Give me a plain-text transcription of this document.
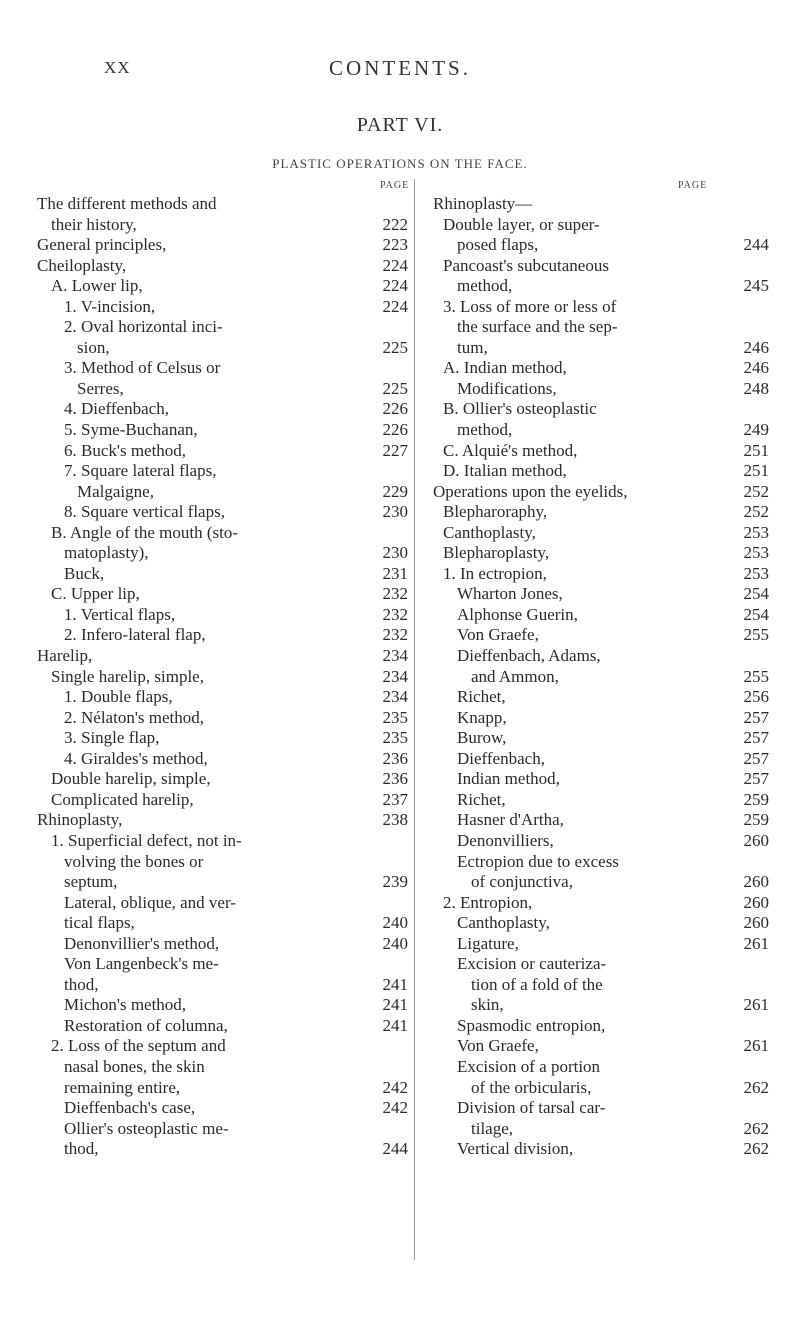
XX	CONTENTS.
PART VI.
PLASTIC OPERATIONS ON THE FACE.
PAGE	PAGE
The different methods and
their history,	222
General principles,	223
Cheiloplasty,	224
A. Lower lip,	224
1. V-incision,	224
2. Oval horizontal inci-
sion,	225
3. Method of Celsus or
Serres,	225
4. Dieffenbach,	226
5. Syme-Buchanan,	226
6. Buck's method,	227
7. Square lateral flaps,
Malgaigne,	229
8. Square vertical flaps,	230
B. Angle of the mouth (sto-
matoplasty),	230
Buck,	231
C. Upper lip,	232
1. Vertical flaps,	232
2. Infero-lateral flap,	232
Harelip,	234
Single harelip, simple,	234
1. Double flaps,	234
2. Nélaton's method,	235
3. Single flap,	235
4. Giraldes's method,	236
Double harelip, simple,	236
Complicated harelip,	237
Rhinoplasty,	238
1. Superficial defect, not in-
volving the bones or
septum,	239
Lateral, oblique, and ver-
tical flaps,	240
Denonvillier's method,	240
Von Langenbeck's me-
thod,	241
Michon's method,	241
Restoration of columna,	241
2. Loss of the septum and
nasal bones, the skin
remaining entire,	242
Dieffenbach's case,	242
Ollier's osteoplastic me-
thod,	244
Rhinoplasty—
Double layer, or super-
posed flaps,	244
Pancoast's subcutaneous
method,	245
3. Loss of more or less of
the surface and the sep-
tum,	246
A. Indian method,	246
Modifications,	248
B. Ollier's osteoplastic
method,	249
C. Alquié's method,	251
D. Italian method,	251
Operations upon the eyelids,	252
Blepharoraphy,	252
Canthoplasty,	253
Blepharoplasty,	253
1. In ectropion,	253
Wharton Jones,	254
Alphonse Guerin,	254
Von Graefe,	255
Dieffenbach, Adams,
and Ammon,	255
Richet,	256
Knapp,	257
Burow,	257
Dieffenbach,	257
Indian method,	257
Richet,	259
Hasner d'Artha,	259
Denonvilliers,	260
Ectropion due to excess
of conjunctiva,	260
2. Entropion,	260
Canthoplasty,	260
Ligature,	261
Excision or cauteriza-
tion of a fold of the
skin,	261
Spasmodic entropion,
Von Graefe,	261
Excision of a portion
of the orbicularis,	262
Division of tarsal car-
tilage,	262
Vertical division,	262
